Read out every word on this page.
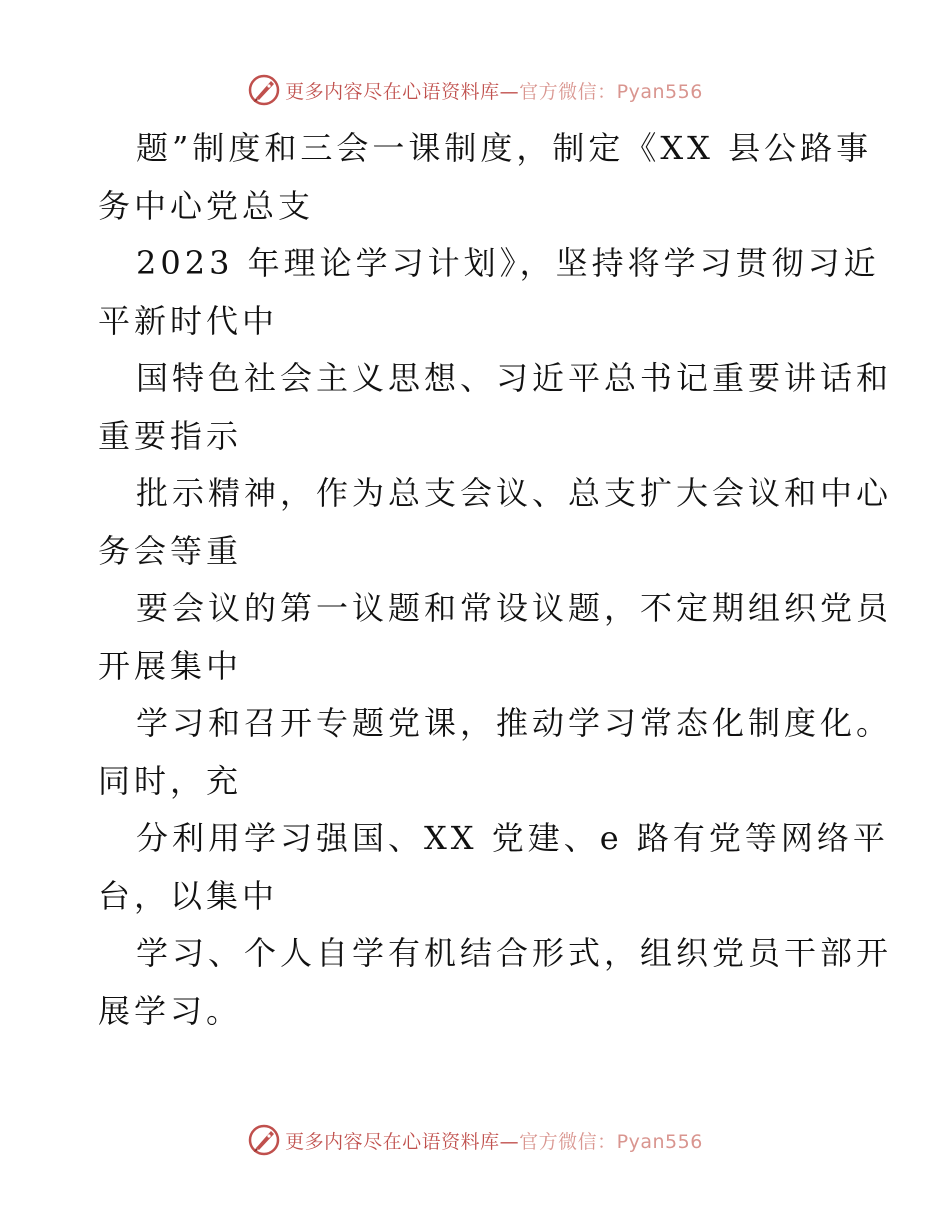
更多内容尽在心语资料库—官方微信：Pyan556
题”制度和三会一课制度，制定《XX 县公路事
务中心党总支
2023 年理论学习计划》，坚持将学习贯彻习近
平新时代中
国特色社会主义思想、习近平总书记重要讲话和
重要指示
批示精神，作为总支会议、总支扩大会议和中心
务会等重
要会议的第一议题和常设议题，不定期组织党员
开展集中
学习和召开专题党课，推动学习常态化制度化。
同时，充
分利用学习强国、XX 党建、e 路有党等网络平
台，以集中
学习、个人自学有机结合形式，组织党员干部开
展学习。
更多内容尽在心语资料库—官方微信：Pyan556
